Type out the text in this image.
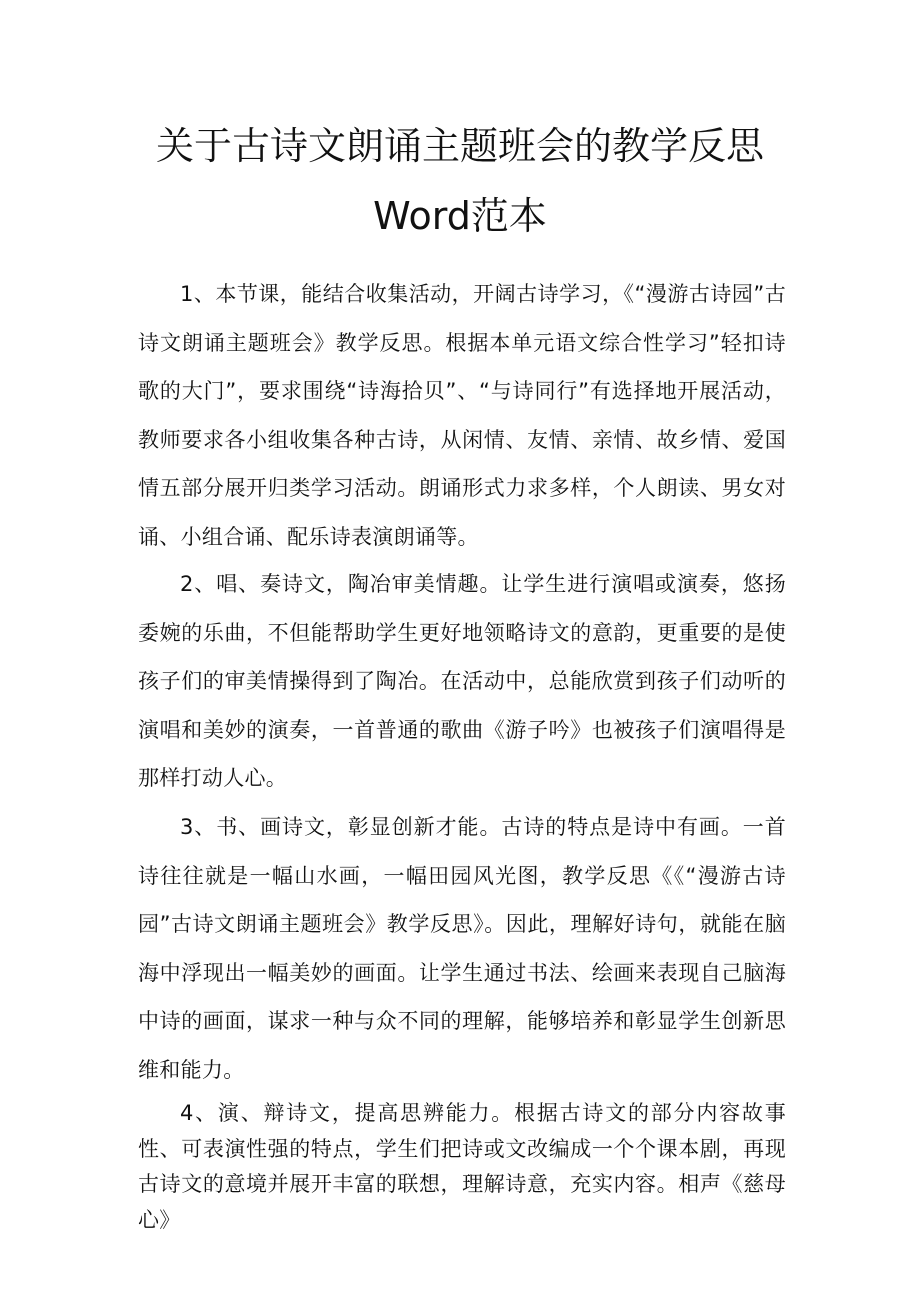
关于古诗文朗诵主题班会的教学反思
Word范本

1、本节课，能结合收集活动，开阔古诗学习，《“漫游古诗园”古诗文朗诵主题班会》教学反思。根据本单元语文综合性学习”轻扣诗歌的大门”，要求围绕“诗海拾贝”、“与诗同行”有选择地开展活动，教师要求各小组收集各种古诗，从闲情、友情、亲情、故乡情、爱国情五部分展开归类学习活动。朗诵形式力求多样，个人朗读、男女对诵、小组合诵、配乐诗表演朗诵等。

2、唱、奏诗文，陶冶审美情趣。让学生进行演唱或演奏，悠扬委婉的乐曲，不但能帮助学生更好地领略诗文的意韵，更重要的是使孩子们的审美情操得到了陶冶。在活动中，总能欣赏到孩子们动听的演唱和美妙的演奏，一首普通的歌曲《游子吟》也被孩子们演唱得是那样打动人心。

3、书、画诗文，彰显创新才能。古诗的特点是诗中有画。一首诗往往就是一幅山水画，一幅田园风光图，教学反思《《“漫游古诗园”古诗文朗诵主题班会》教学反思》。因此，理解好诗句，就能在脑海中浮现出一幅美妙的画面。让学生通过书法、绘画来表现自己脑海中诗的画面，谋求一种与众不同的理解，能够培养和彰显学生创新思维和能力。

4、演、辩诗文，提高思辨能力。根据古诗文的部分内容故事性、可表演性强的特点，学生们把诗或文改编成一个个课本剧，再现古诗文的意境并展开丰富的联想，理解诗意，充实内容。相声《慈母心》
